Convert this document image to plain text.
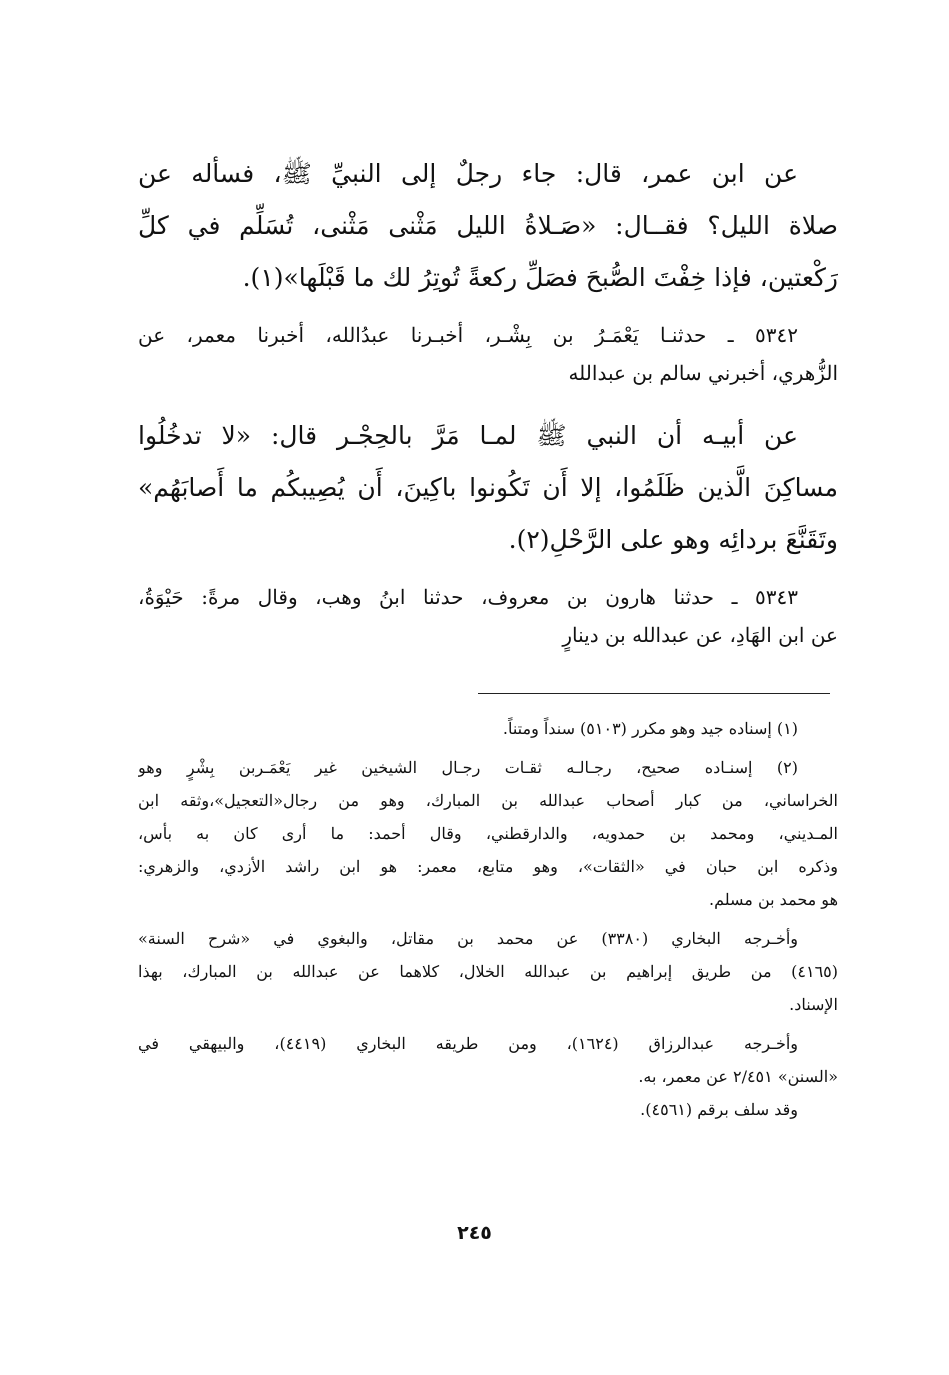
عن ابن عمر، قال: جاء رجلٌ إلى النبيِّ ﷺ، فسأله عن
صلاة الليل؟ فقــال: «صَـلاةُ الليل مَثْنى مَثْنى، تُسَلِّم في كلِّ
رَكْعتين، فإذا خِفْتَ الصُّبحَ فصَلِّ ركعةً تُوتِرُ لك ما قَبْلَها»(١).
٥٣٤٢ ـ حدثنـا يَعْمَـرُ بن بِشْـر، أخبـرنا عبدُالله، أخبرنا معمر، عن
الزُّهري، أخبرني سالم بن عبدالله
عن أبيـه أن النبي ﷺ لمـا مَرَّ بالحِجْـر قال: «لا تدخُلُوا
مساكِنَ الَّذين ظَلَمُوا، إلا أَن تَكُونوا باكِينَ، أَن يُصِيبكُم ما أَصابَهُم»
وتَقَنَّعَ بردائِه وهو على الرَّحْلِ(٢).
٥٣٤٣ ـ حدثنا هارون بن معروف، حدثنا ابنُ وهب، وقال مرةً: حَيْوَةُ،
عن ابن الهَادِ، عن عبدالله بن دينارٍ
(١) إسناده جيد وهو مكرر (٥١٠٣) سنداً ومتناً.
(٢) إسنـاده صحيح، رجـالـه ثقـات رجـال الشيخين غير يَعْمَـربن بِشْرٍ وهو
الخراساني، من كبار أصحاب عبدالله بن المبارك، وهو من رجال«التعجيل»،وثقه ابن
المـديني، ومحمد بن حمدويه، والدارقطني، وقال أحمد: ما أرى كان به بأس،
وذكره ابن حبان في «الثقات»، وهو متابع، معمر: هو ابن راشد الأزدي، والزهري:
هو محمد بن مسلم.
وأخـرجه البخاري (٣٣٨٠) عن محمد بن مقاتل، والبغوي في «شرح السنة»
(٤١٦٥) من طريق إبراهيم بن عبدالله الخلال، كلاهما عن عبدالله بن المبارك، بهذا
الإسناد.
وأخـرجه عبدالرزاق (١٦٢٤)، ومن طريقه البخاري (٤٤١٩)، والبيهقي في
«السنن» ٢/٤٥١ عن معمر، به.
وقد سلف برقم (٤٥٦١).
٢٤٥
